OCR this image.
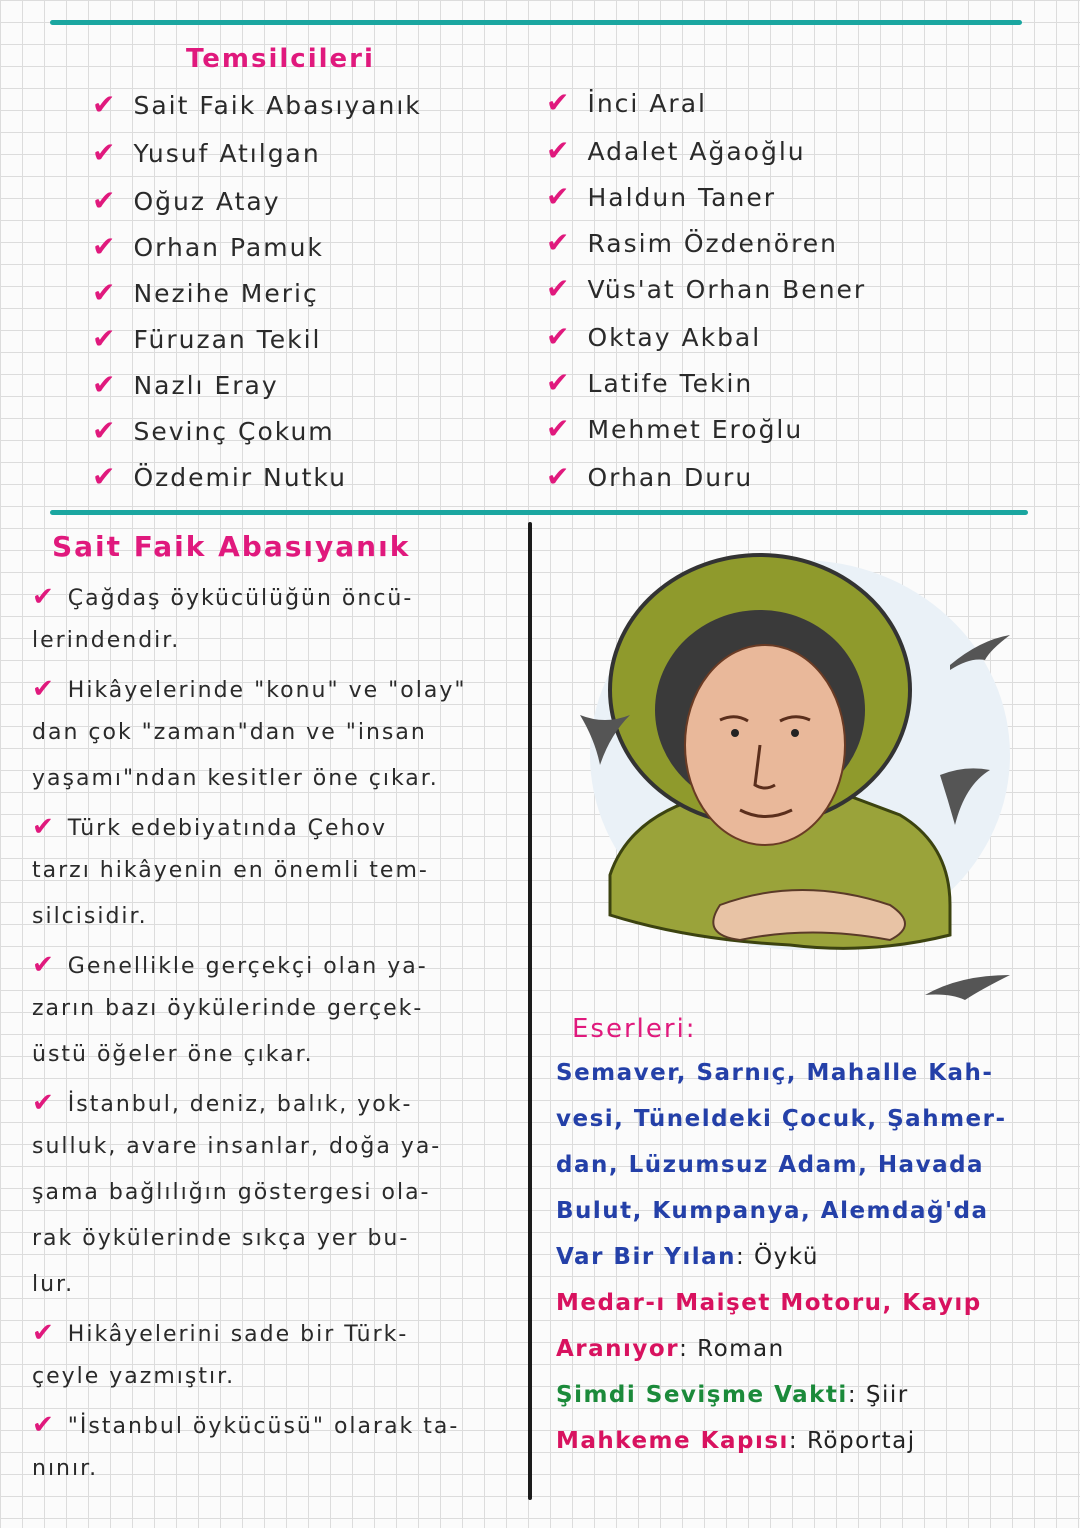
Temsilcileri
✔ Sait Faik Abasıyanık
✔ Yusuf Atılgan
✔ Oğuz Atay
✔ Orhan Pamuk
✔ Nezihe Meriç
✔ Füruzan Tekil
✔ Nazlı Eray
✔ Sevinç Çokum
✔ Özdemir Nutku
✔ İnci Aral
✔ Adalet Ağaoğlu
✔ Haldun Taner
✔ Rasim Özdenören
✔ Vüs'at Orhan Bener
✔ Oktay Akbal
✔ Latife Tekin
✔ Mehmet Eroğlu
✔ Orhan Duru
Sait Faik Abasıyanık
✔ Çağdaş öykücülüğün öncü-
lerindendir.
✔ Hikâyelerinde "konu" ve "olay"
dan çok "zaman"dan ve "insan
yaşamı"ndan kesitler öne çıkar.
✔ Türk edebiyatında Çehov
tarzı hikâyenin en önemli tem-
silcisidir.
✔ Genellikle gerçekçi olan ya-
zarın bazı öykülerinde gerçek-
üstü öğeler öne çıkar.
✔ İstanbul, deniz, balık, yok-
sulluk, avare insanlar, doğa ya-
şama bağlılığın göstergesi ola-
rak öykülerinde sıkça yer bu-
lur.
✔ Hikâyelerini sade bir Türk-
çeyle yazmıştır.
✔ "İstanbul öykücüsü" olarak ta-
nınır.
Eserleri:
Semaver, Sarnıç, Mahalle Kah-
vesi, Tüneldeki Çocuk, Şahmer-
dan, Lüzumsuz Adam, Havada
Bulut, Kumpanya, Alemdağ'da
Var Bir Yılan: Öykü
Medar-ı Maişet Motoru, Kayıp
Aranıyor: Roman
Şimdi Sevişme Vakti: Şiir
Mahkeme Kapısı: Röportaj
